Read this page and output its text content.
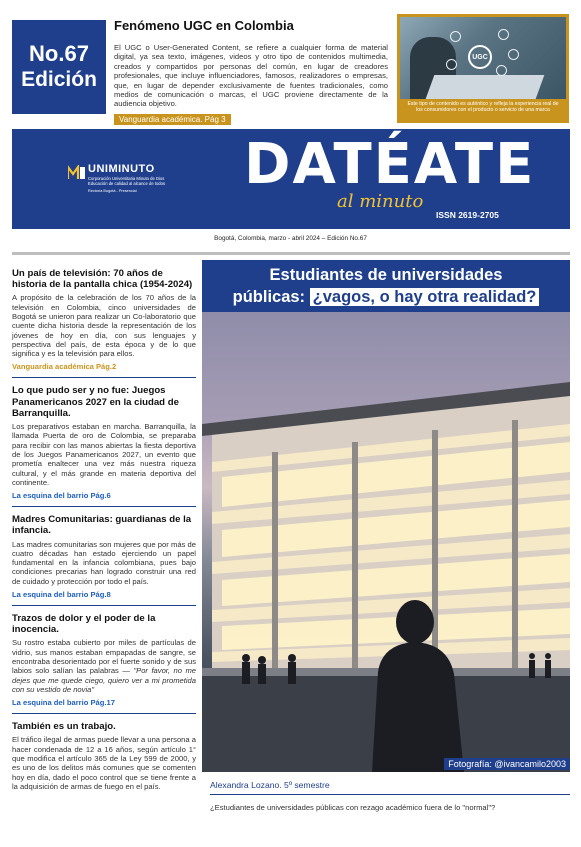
No.67
Edición
Fenómeno UGC en Colombia

El UGC o User-Generated Content, se refiere a cualquier forma de material digital, ya sea texto, imágenes, videos y otro tipo de contenidos multimedia, creados y compartidos por personas del común, en lugar de creadores profesionales, que incluye influenciadores, famosos, realizadores o empresas, que, en lugar de depender exclusivamente de fuentes tradicionales, como medios de comunicación o marcas, el UGC proviene directamente de la audiencia objetivo.

Vanguardia académica. Pág 3
UGC
Este tipo de contenido es auténtico y refleja la experiencia real de los consumidores con el producto o servicio de una marca
UNIMINUTO
Corporación Universitaria Minuto de Dios Educación de calidad al alcance de todos
Rectoría Bogotá - Presencial DATÉATE
al minuto
ISSN 2619-2705
Bogotá, Colombia, marzo - abril 2024 – Edición No.67
Un país de televisión: 70 años de historia de la pantalla chica (1954-2024)

A propósito de la celebración de los 70 años de la televisión en Colombia, cinco universidades de Bogotá se unieron para realizar un Co-laboratorio que cuente dicha historia desde la representación de los jóvenes de hoy en día, con sus lenguajes y perspectiva del país, de esta época y de lo que significa y es la televisión para ellos.

Vanguardia académica Pág.2
Lo que pudo ser y no fue: Juegos Panamericanos 2027 en la ciudad de Barranquilla.

Los preparativos estaban en marcha. Barranquilla, la llamada Puerta de oro de Colombia, se preparaba para recibir con las manos abiertas la fiesta deportiva de los Juegos Panamericanos 2027, un evento que prometía enaltecer una vez más nuestra riqueza cultural, y el más grande en materia deportiva del continente.

La esquina del barrio Pág.6
Madres Comunitarias: guardianas de la infancia.

Las madres comunitarias son mujeres que por más de cuatro décadas han estado ejerciendo un papel fundamental en la infancia colombiana, pues bajo condiciones precarias han logrado construir una red de cuidado y protección por todo el país.

La esquina del barrio Pág.8
Trazos de dolor y el poder de la inocencia.

Su rostro estaba cubierto por miles de partículas de vidrio, sus manos estaban empapadas de sangre, se encontraba desorientado por el fuerte sonido y de sus labios solo salían las palabras — "Por favor, no me dejes que me quede ciego, quiero ver a mi prometida con su vestido de novia"

La esquina del barrio Pág.17
También es un trabajo.

El tráfico ilegal de armas puede llevar a una persona a hacer condenada de 12 a 16 años, según artículo 1° que modifica el artículo 365 de la Ley 599 de 2000, y es uno de los delitos más comunes que se comenten hoy en día, dado el poco control que se tiene frente a la adquisición de armas de fuego en el país.

Estudiantes de universidades
públicas: ¿vagos, o hay otra realidad?
Fotografía: @ivancamilo2003
Alexandra Lozano. 5º semestre
¿Estudiantes de universidades públicas con rezago académico fuera de lo "normal"?
